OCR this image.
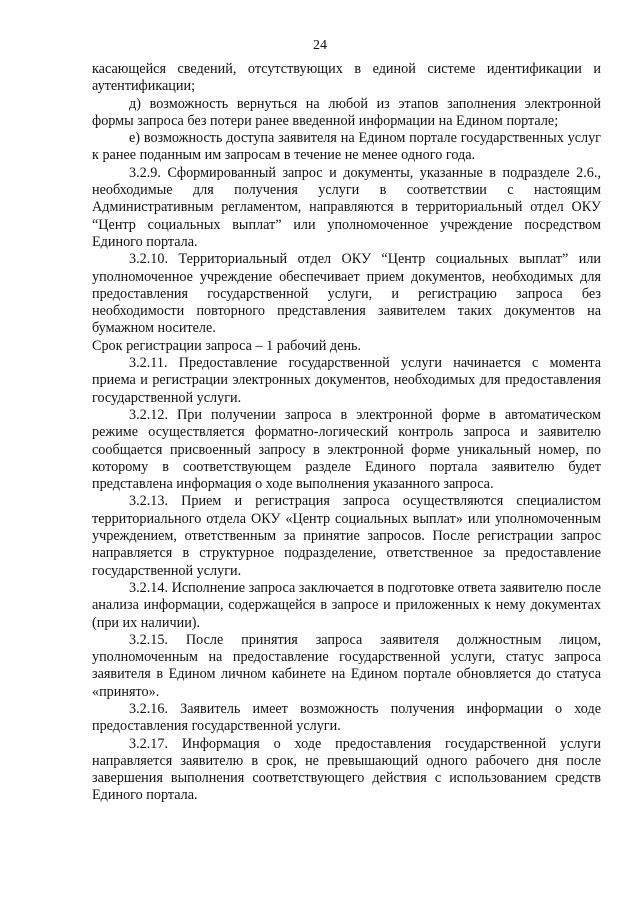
24

касающейся сведений, отсутствующих в единой системе идентификации и аутентификации;

д) возможность вернуться на любой из этапов заполнения электронной формы запроса без потери ранее введенной информации на Едином портале;

е) возможность доступа заявителя на Едином портале государственных услуг к ранее поданным им запросам в течение не менее одного года.

3.2.9. Сформированный запрос и документы, указанные в подразделе 2.6., необходимые для получения услуги в соответствии с настоящим Административным регламентом, направляются в территориальный отдел ОКУ “Центр социальных выплат” или уполномоченное учреждение посредством Единого портала.

3.2.10. Территориальный отдел ОКУ “Центр социальных выплат” или уполномоченное учреждение обеспечивает прием документов, необходимых для предоставления государственной услуги, и регистрацию запроса без необходимости повторного представления заявителем таких документов на бумажном носителе.

Срок регистрации запроса – 1 рабочий день.

3.2.11. Предоставление государственной услуги начинается с момента приема и регистрации электронных документов, необходимых для предоставления государственной услуги.

3.2.12. При получении запроса в электронной форме в автоматическом режиме осуществляется форматно-логический контроль запроса и заявителю сообщается присвоенный запросу в электронной форме уникальный номер, по которому в соответствующем разделе Единого портала заявителю будет представлена информация о ходе выполнения указанного запроса.

3.2.13. Прием и регистрация запроса осуществляются специалистом территориального отдела ОКУ «Центр социальных выплат» или уполномоченным учреждением, ответственным за принятие запросов. После регистрации запрос направляется в структурное подразделение, ответственное за предоставление государственной услуги.

3.2.14. Исполнение запроса заключается в подготовке ответа заявителю после анализа информации, содержащейся в запросе и приложенных к нему документах (при их наличии).

3.2.15. После принятия запроса заявителя должностным лицом, уполномоченным на предоставление государственной услуги, статус запроса заявителя в Едином личном кабинете на Едином портале обновляется до статуса «принято».

3.2.16. Заявитель имеет возможность получения информации о ходе предоставления государственной услуги.

3.2.17. Информация о ходе предоставления государственной услуги направляется заявителю в срок, не превышающий одного рабочего дня после завершения выполнения соответствующего действия с использованием средств Единого портала.
